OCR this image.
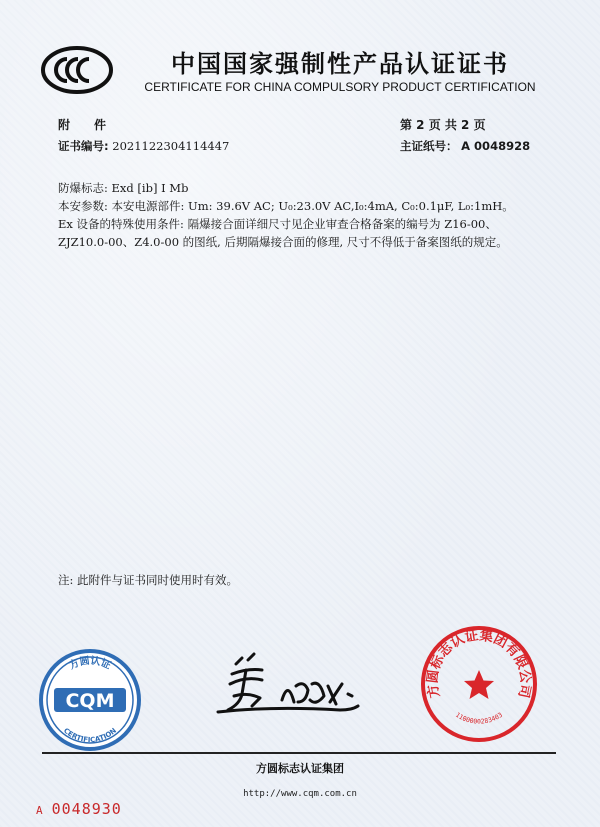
中国国家强制性产品认证证书
CERTIFICATE FOR CHINA COMPULSORY PRODUCT CERTIFICATION
附　　件	第 2 页 共 2 页
证书编号: 2021122304114447	主证纸号： A 0048928
防爆标志: Exd [ib] I Mb
本安参数: 本安电源部件: Um: 39.6V AC; U₀:23.0V AC,I₀:4mA, C₀:0.1μF, L₀:1mH。
Ex 设备的特殊使用条件: 隔爆接合面详细尺寸见企业审查合格备案的编号为 Z16-00、
ZJZ10.0-00、Z4.0-00 的图纸, 后期隔爆接合面的修理, 尺寸不得低于备案图纸的规定。
注: 此附件与证书同时使用时有效。
方圆认证
CQM
CERTIFICATION
方圆标志认证集团有限公司
1100000283403
方圆标志认证集团
http://www.cqm.com.cn
A 0048930
